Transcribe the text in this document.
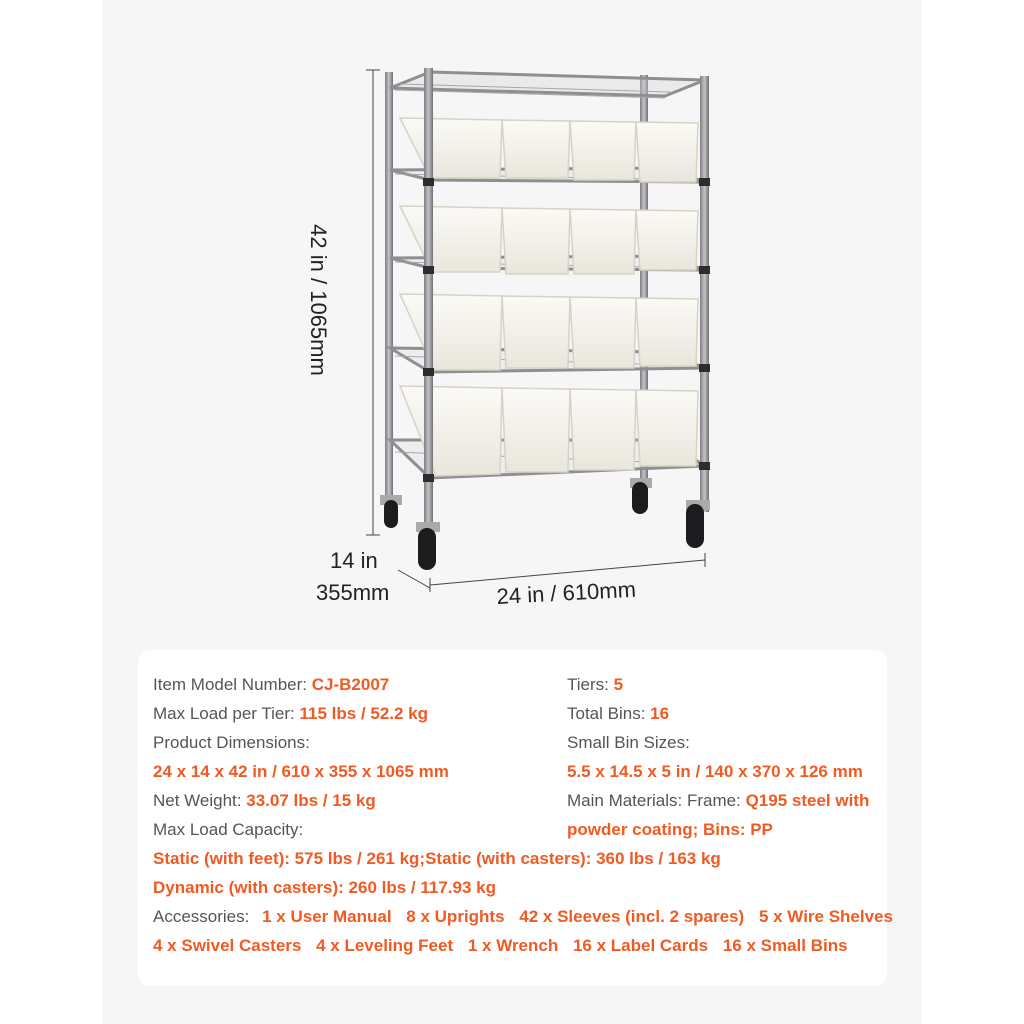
42 in / 1065mm
14 in
355mm	24 in / 610mm
Item Model Number: CJ-B2007
Max Load per Tier: 115 lbs / 52.2 kg
Product Dimensions:
24 x 14 x 42 in / 610 x 355 x 1065 mm
Net Weight: 33.07 lbs / 15 kg
Max Load Capacity:
Static (with feet): 575 lbs / 261 kg;Static (with casters): 360 lbs / 163 kg
Dynamic (with casters): 260 lbs / 117.93 kg
Accessories: 1 x User Manual 8 x Uprights 42 x Sleeves (incl. 2 spares) 5 x Wire Shelves
4 x Swivel Casters 4 x Leveling Feet 1 x Wrench 16 x Label Cards 16 x Small Bins
Tiers: 5
Total Bins: 16
Small Bin Sizes:
5.5 x 14.5 x 5 in / 140 x 370 x 126 mm
Main Materials: Frame: Q195 steel with
powder coating; Bins: PP
